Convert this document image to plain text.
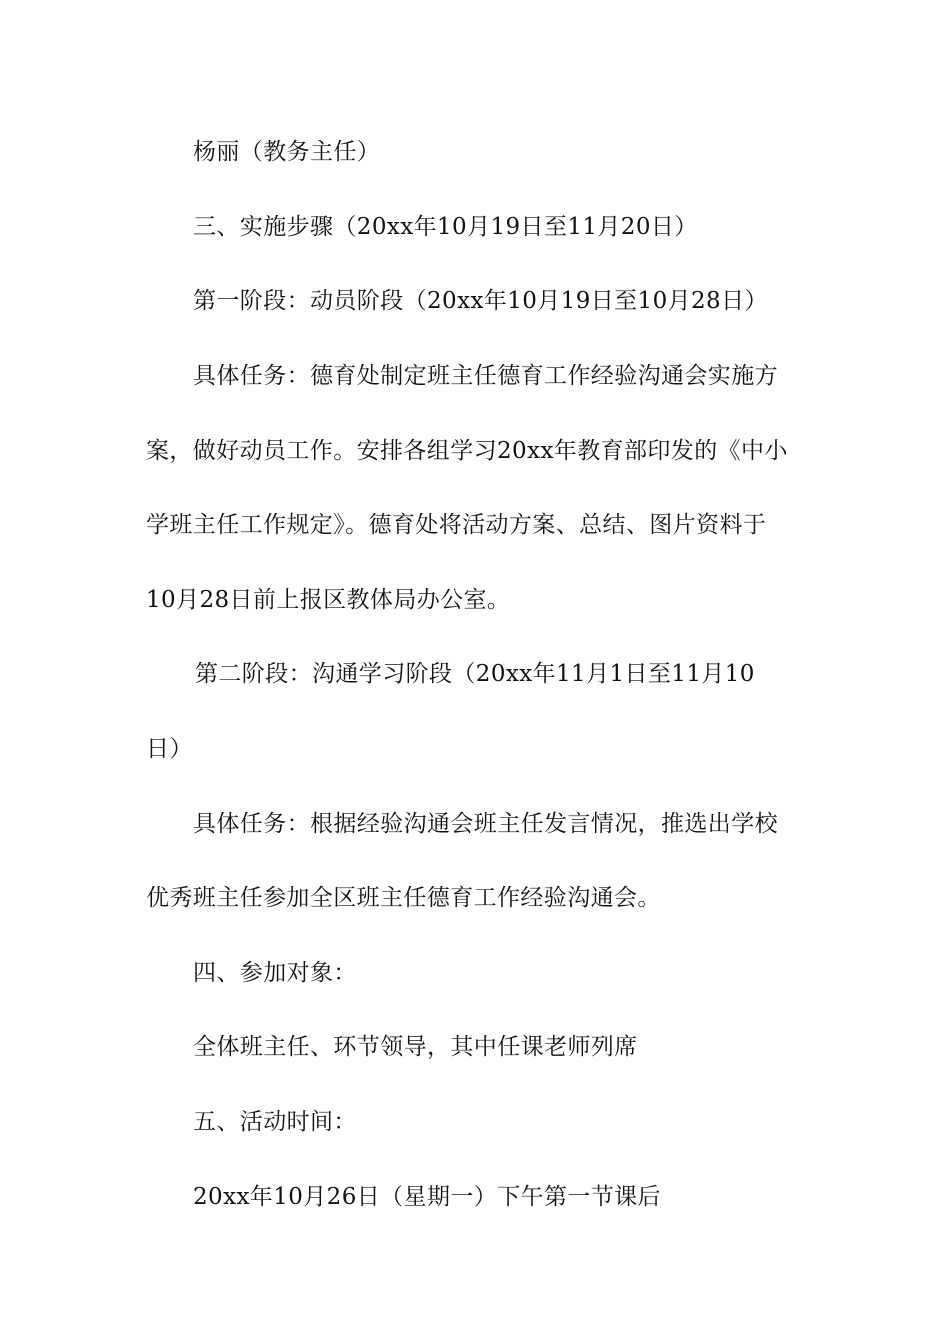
杨丽（教务主任）
三、实施步骤（20xx年10月19日至11月20日）
第一阶段：动员阶段（20xx年10月19日至10月28日）
具体任务：德育处制定班主任德育工作经验沟通会实施方
案，做好动员工作。安排各组学习20xx年教育部印发的《中小
学班主任工作规定》。德育处将活动方案、总结、图片资料于
10月28日前上报区教体局办公室。
第二阶段：沟通学习阶段（20xx年11月1日至11月10
日）
具体任务：根据经验沟通会班主任发言情况，推选出学校
优秀班主任参加全区班主任德育工作经验沟通会。
四、参加对象：
全体班主任、环节领导，其中任课老师列席
五、活动时间：
20xx年10月26日（星期一）下午第一节课后
